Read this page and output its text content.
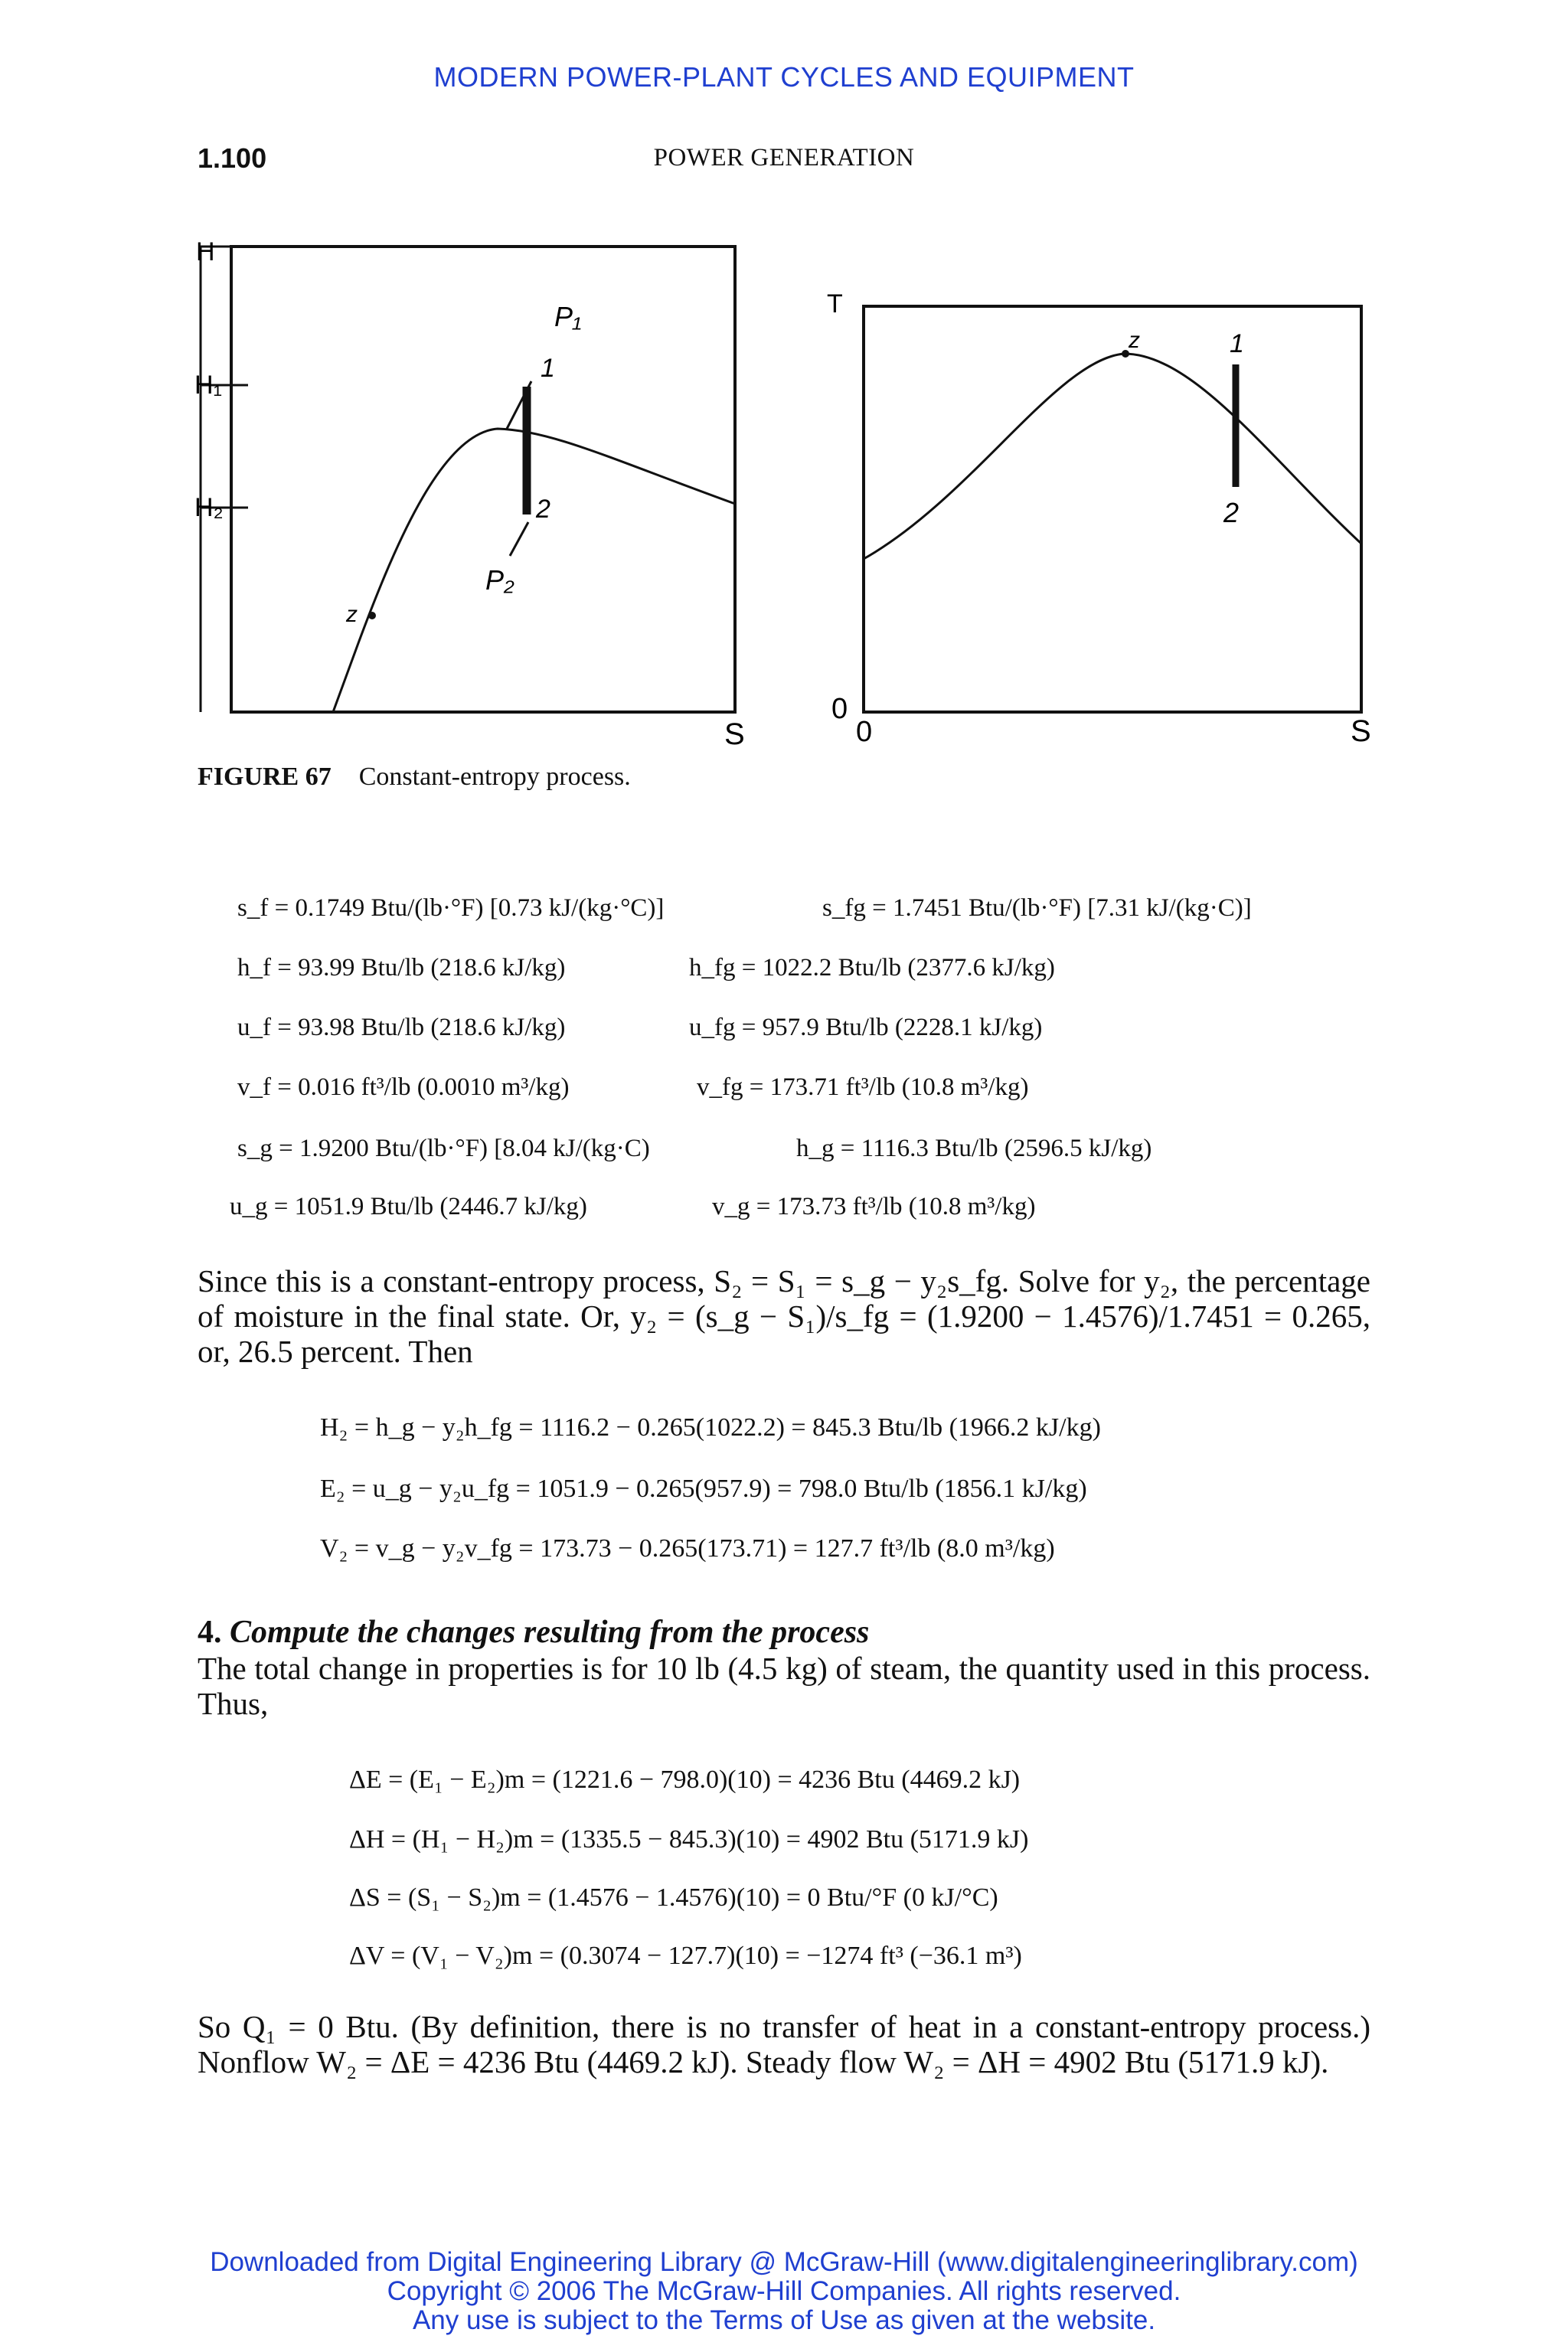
MODERN POWER-PLANT CYCLES AND EQUIPMENT
1.100	POWER GENERATION
H
H₁
H₂
S
z
P₁
1
2
P₂
T
0
0	S
z	1
2
FIGURE 67 Constant-entropy process.
s_f = 0.1749 Btu/(lb·°F) [0.73 kJ/(kg·°C)]	s_fg = 1.7451 Btu/(lb·°F) [7.31 kJ/(kg·C)]
h_f = 93.99 Btu/lb (218.6 kJ/kg)	h_fg = 1022.2 Btu/lb (2377.6 kJ/kg)
u_f = 93.98 Btu/lb (218.6 kJ/kg)	u_fg = 957.9 Btu/lb (2228.1 kJ/kg)
v_f = 0.016 ft³/lb (0.0010 m³/kg)	v_fg = 173.71 ft³/lb (10.8 m³/kg)
s_g = 1.9200 Btu/(lb·°F) [8.04 kJ/(kg·C)	h_g = 1116.3 Btu/lb (2596.5 kJ/kg)
u_g = 1051.9 Btu/lb (2446.7 kJ/kg)	v_g = 173.73 ft³/lb (10.8 m³/kg)
Since this is a constant-entropy process, S₂ = S₁ = s_g − y₂s_fg. Solve for y₂, the percentage of moisture in the final state. Or, y₂ = (s_g − S₁)/s_fg = (1.9200 − 1.4576)/1.7451 = 0.265, or, 26.5 percent. Then
H₂ = h_g − y₂h_fg = 1116.2 − 0.265(1022.2) = 845.3 Btu/lb (1966.2 kJ/kg)
E₂ = u_g − y₂u_fg = 1051.9 − 0.265(957.9) = 798.0 Btu/lb (1856.1 kJ/kg)
V₂ = v_g − y₂v_fg = 173.73 − 0.265(173.71) = 127.7 ft³/lb (8.0 m³/kg)
4. Compute the changes resulting from the process
The total change in properties is for 10 lb (4.5 kg) of steam, the quantity used in this process. Thus,
ΔE = (E₁ − E₂)m = (1221.6 − 798.0)(10) = 4236 Btu (4469.2 kJ)
ΔH = (H₁ − H₂)m = (1335.5 − 845.3)(10) = 4902 Btu (5171.9 kJ)
ΔS = (S₁ − S₂)m = (1.4576 − 1.4576)(10) = 0 Btu/°F (0 kJ/°C)
ΔV = (V₁ − V₂)m = (0.3074 − 127.7)(10) = −1274 ft³ (−36.1 m³)
So Q₁ = 0 Btu. (By definition, there is no transfer of heat in a constant-entropy process.) Nonflow W₂ = ΔE = 4236 Btu (4469.2 kJ). Steady flow W₂ = ΔH = 4902 Btu (5171.9 kJ).
Downloaded from Digital Engineering Library @ McGraw-Hill (www.digitalengineeringlibrary.com)
Copyright © 2006 The McGraw-Hill Companies. All rights reserved.
Any use is subject to the Terms of Use as given at the website.
